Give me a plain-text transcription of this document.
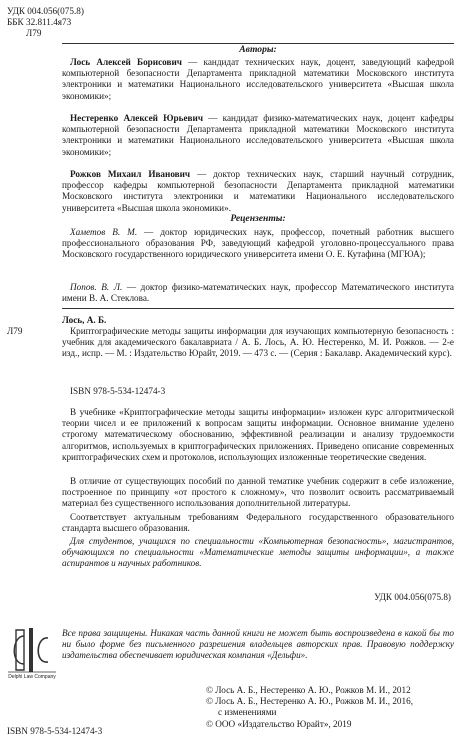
УДК 004.056(075.8)
ББК 32.811.4я73
Л79
Авторы:
Лось Алексей Борисович — кандидат технических наук, доцент, заведующий кафедрой компьютерной безопасности Департамента прикладной математики Московского института электроники и математики Национального исследовательского университета «Высшая школа экономики»;
Нестеренко Алексей Юрьевич — кандидат физико-математических наук, доцент кафедры компьютерной безопасности Департамента прикладной математики Московского института электроники и математики Национального исследовательского университета «Высшая школа экономики»;
Рожков Михаил Иванович — доктор технических наук, старший научный сотрудник, профессор кафедры компьютерной безопасности Департамента прикладной математики Московского института электроники и математики Национального исследовательского университета «Высшая школа экономики».
Рецензенты:
Хаметов В. М. — доктор юридических наук, профессор, почетный работник высшего профессионального образования РФ, заведующий кафедрой уголовно-процессуального права Московского государственного юридического университета имени О. Е. Кутафина (МГЮА);
Попов. В. Л. — доктор физико-математических наук, профессор Математического института имени В. А. Стеклова.
Лось, А. Б.
Л79	Криптографические методы защиты информации для изучающих компьютерную безопасность : учебник для академического бакалавриата / А. Б. Лось, А. Ю. Нестеренко, М. И. Рожков. — 2-е изд., испр. — М. : Издательство Юрайт, 2019. — 473 с. — (Серия : Бакалавр. Академический курс).
ISBN 978-5-534-12474-3
В учебнике «Криптографические методы защиты информации» изложен курс алгоритмической теории чисел и ее приложений к вопросам защиты информации. Основное внимание уделено строгому математическому обоснованию, эффективной реализации и анализу трудоемкости алгоритмов, используемых в криптографических приложениях. Приведено описание современных криптографических схем и протоколов, использующих изложенные теоретические сведения.
В отличие от существующих пособий по данной тематике учебник содержит в себе изложение, построенное по принципу «от простого к сложному», что позволит освоить рассматриваемый материал без существенного использования дополнительной литературы.
Соответствует актуальным требованиям Федерального государственного образовательного стандарта высшего образования.
Для студентов, учащихся по специальности «Компьютерная безопасность», магистрантов, обучающихся по специальности «Математические методы защиты информации», а также аспирантов и научных работников.
УДК 004.056(075.8)
Delphi Law Company
Все права защищены. Никакая часть данной книги не может быть воспроизведена в какой бы то ни было форме без письменного разрешения владельцев авторских прав. Правовую поддержку издательства обеспечивает юридическая компания «Дельфи».
© Лось А. Б., Нестеренко А. Ю., Рожков М. И., 2012
© Лось А. Б., Нестеренко А. Ю., Рожков М. И., 2016,
с изменениями
© ООО «Издательство Юрайт», 2019
ISBN 978-5-534-12474-3
